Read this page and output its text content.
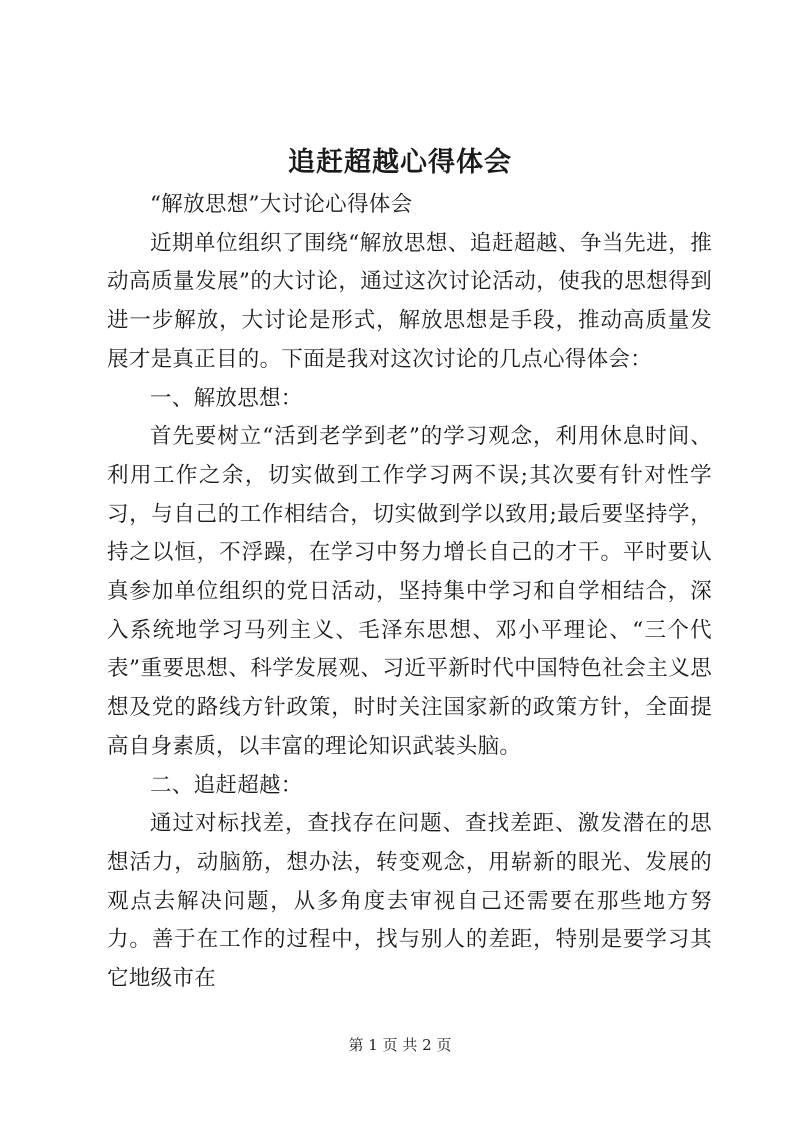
追赶超越心得体会

“解放思想”大讨论心得体会

近期单位组织了围绕“解放思想、追赶超越、争当先进，推动高质量发展”的大讨论，通过这次讨论活动，使我的思想得到进一步解放，大讨论是形式，解放思想是手段，推动高质量发展才是真正目的。下面是我对这次讨论的几点心得体会：

一、解放思想：

首先要树立“活到老学到老”的学习观念，利用休息时间、利用工作之余，切实做到工作学习两不误;其次要有针对性学习，与自己的工作相结合，切实做到学以致用;最后要坚持学，持之以恒，不浮躁，在学习中努力增长自己的才干。平时要认真参加单位组织的党日活动，坚持集中学习和自学相结合，深入系统地学习马列主义、毛泽东思想、邓小平理论、“三个代表”重要思想、科学发展观、习近平新时代中国特色社会主义思想及党的路线方针政策，时时关注国家新的政策方针，全面提高自身素质，以丰富的理论知识武装头脑。

二、追赶超越：

通过对标找差，查找存在问题、查找差距、激发潜在的思想活力，动脑筋，想办法，转变观念，用崭新的眼光、发展的观点去解决问题，从多角度去审视自己还需要在那些地方努力。善于在工作的过程中，找与别人的差距，特别是要学习其它地级市在

第 1 页 共 2 页
